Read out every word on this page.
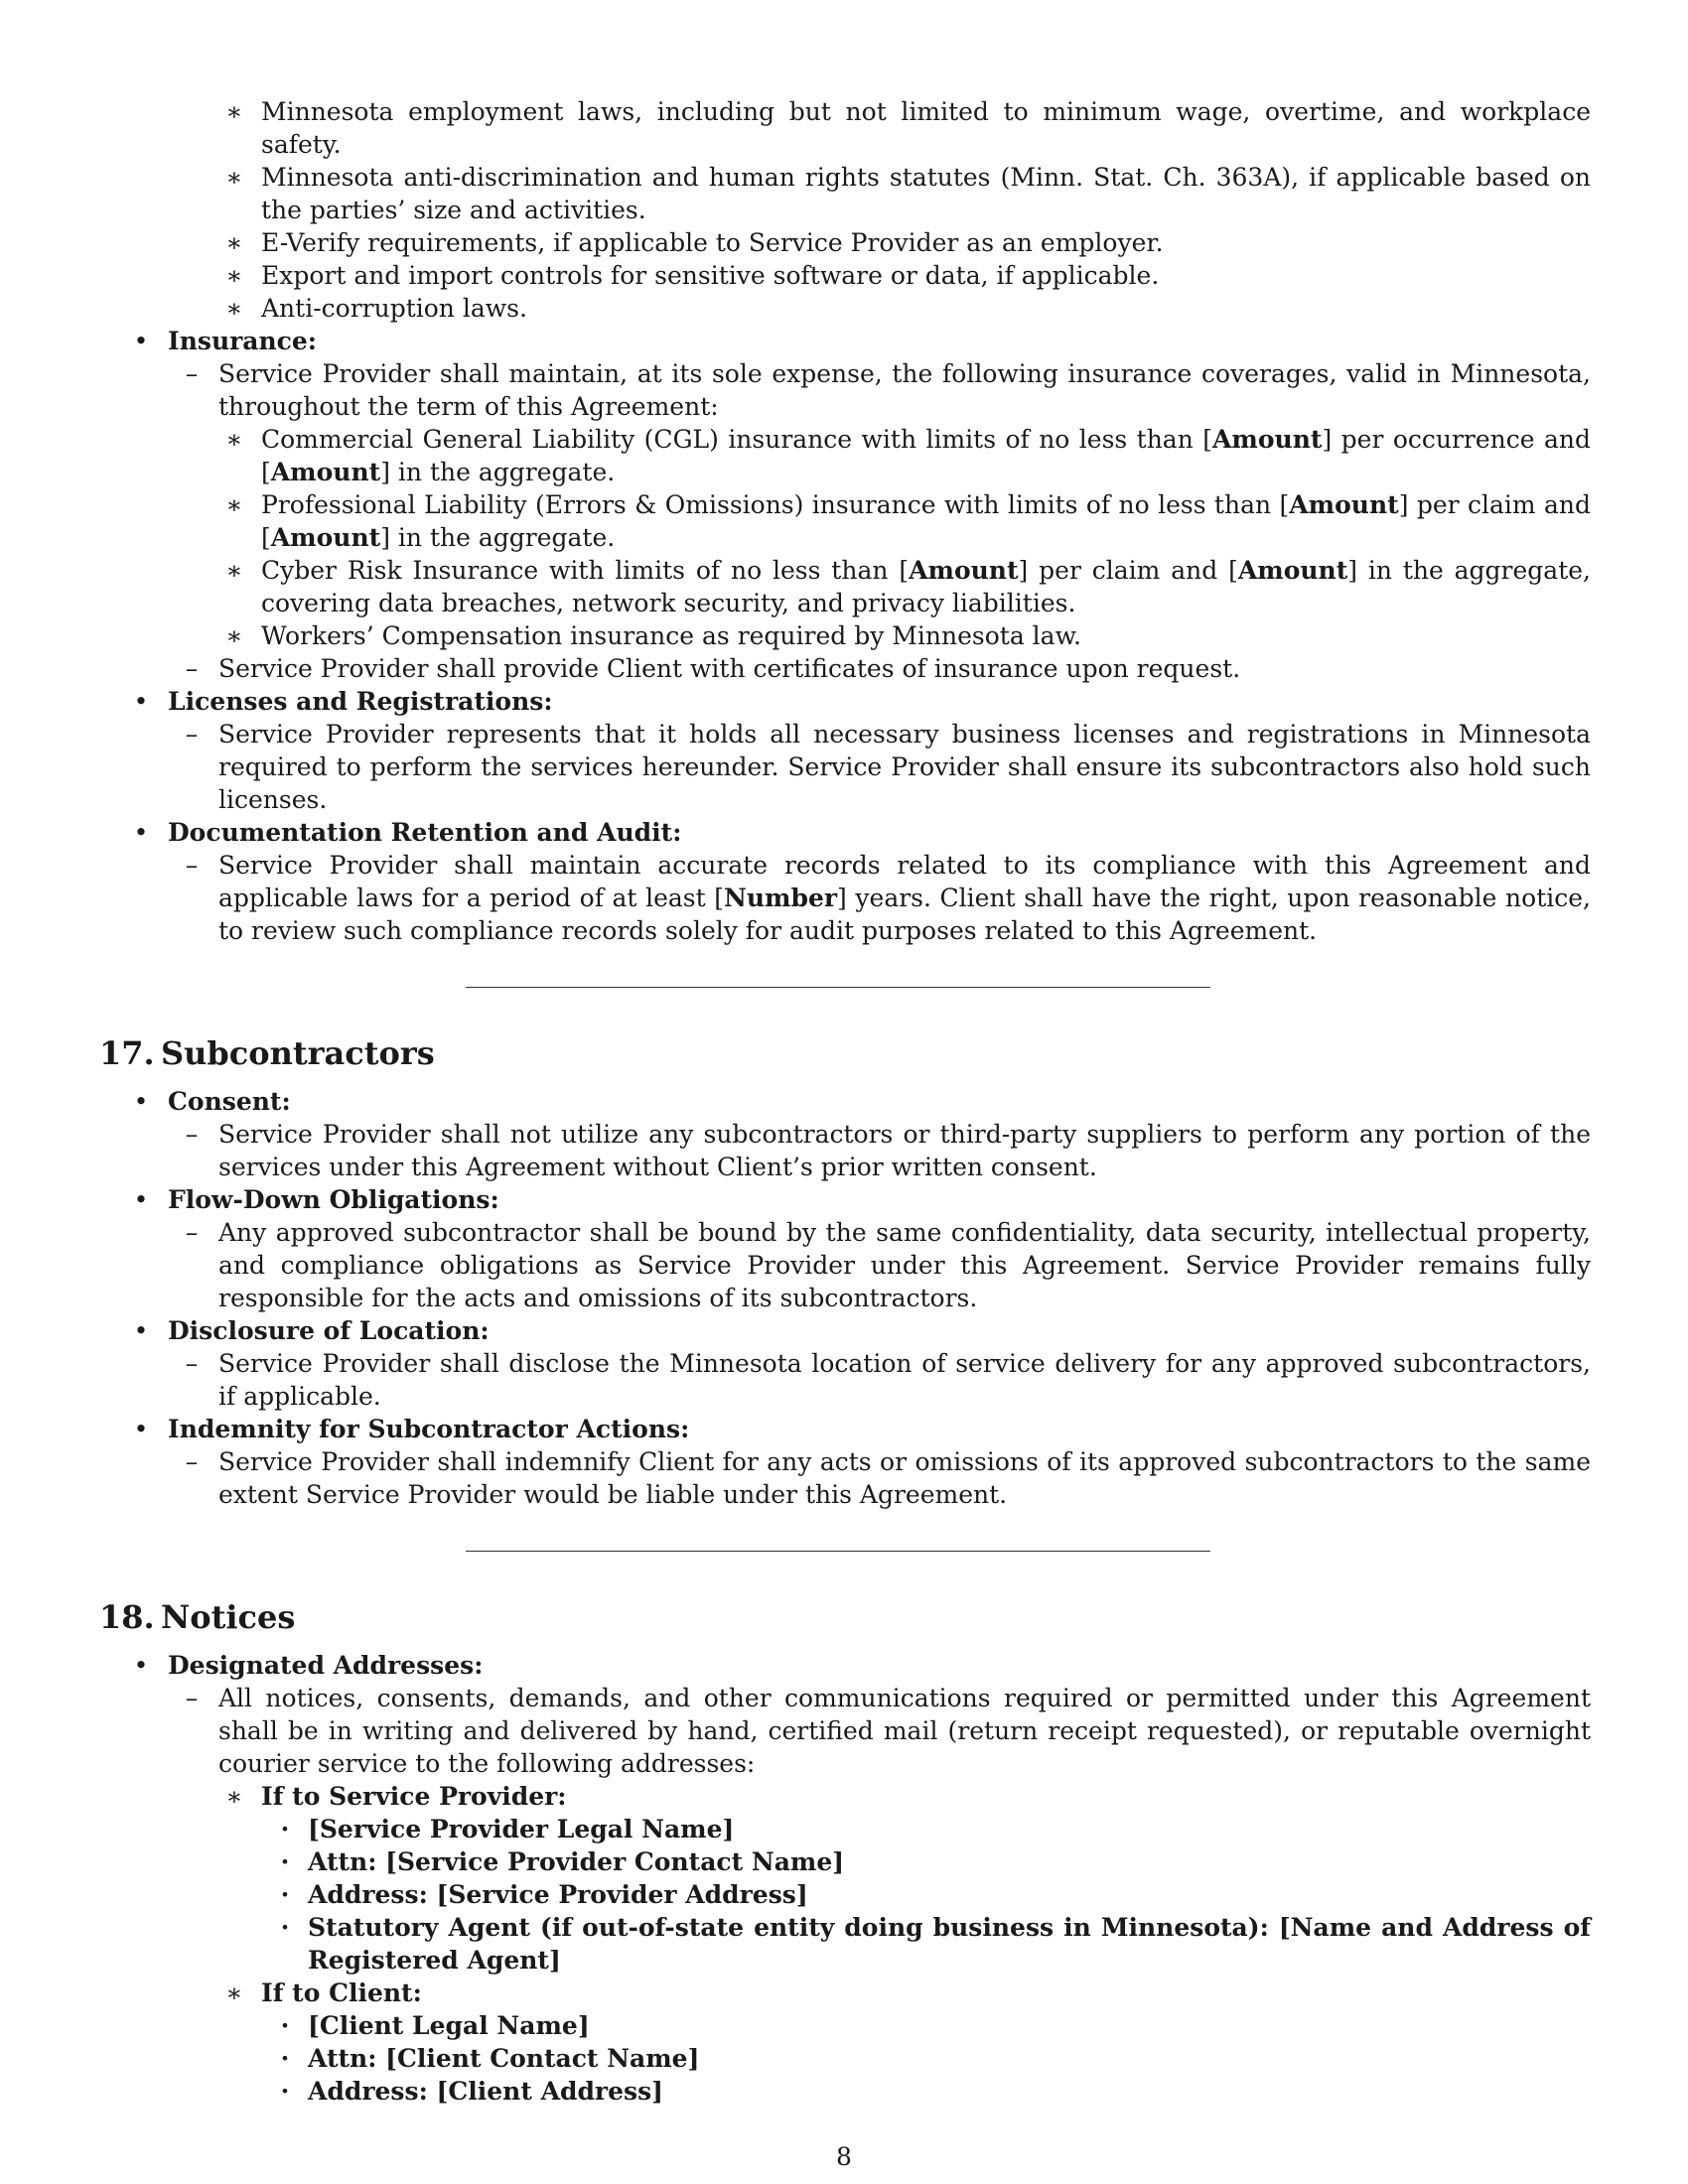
∗ Minnesota employment laws, including but not limited to minimum wage, overtime, and workplace safety.
∗ Minnesota anti-discrimination and human rights statutes (Minn. Stat. Ch. 363A), if applicable based on the parties’ size and activities.
∗ E-Verify requirements, if applicable to Service Provider as an employer.
∗ Export and import controls for sensitive software or data, if applicable.
∗ Anti-corruption laws.
• Insurance:
– Service Provider shall maintain, at its sole expense, the following insurance coverages, valid in Minnesota, throughout the term of this Agreement:
∗ Commercial General Liability (CGL) insurance with limits of no less than [Amount] per occurrence and [Amount] in the aggregate.
∗ Professional Liability (Errors & Omissions) insurance with limits of no less than [Amount] per claim and [Amount] in the aggregate.
∗ Cyber Risk Insurance with limits of no less than [Amount] per claim and [Amount] in the aggregate, covering data breaches, network security, and privacy liabilities.
∗ Workers’ Compensation insurance as required by Minnesota law.
– Service Provider shall provide Client with certificates of insurance upon request.
• Licenses and Registrations:
– Service Provider represents that it holds all necessary business licenses and registrations in Minnesota required to perform the services hereunder. Service Provider shall ensure its subcontractors also hold such licenses.
• Documentation Retention and Audit:
– Service Provider shall maintain accurate records related to its compliance with this Agreement and applicable laws for a period of at least [Number] years. Client shall have the right, upon reasonable notice, to review such compliance records solely for audit purposes related to this Agreement.
17. Subcontractors
• Consent:
– Service Provider shall not utilize any subcontractors or third-party suppliers to perform any portion of the services under this Agreement without Client’s prior written consent.
• Flow-Down Obligations:
– Any approved subcontractor shall be bound by the same confidentiality, data security, intellectual property, and compliance obligations as Service Provider under this Agreement. Service Provider remains fully responsible for the acts and omissions of its subcontractors.
• Disclosure of Location:
– Service Provider shall disclose the Minnesota location of service delivery for any approved subcontractors, if applicable.
• Indemnity for Subcontractor Actions:
– Service Provider shall indemnify Client for any acts or omissions of its approved subcontractors to the same extent Service Provider would be liable under this Agreement.
18. Notices
• Designated Addresses:
– All notices, consents, demands, and other communications required or permitted under this Agreement shall be in writing and delivered by hand, certified mail (return receipt requested), or reputable overnight courier service to the following addresses:
∗ If to Service Provider:
· [Service Provider Legal Name]
· Attn: [Service Provider Contact Name]
· Address: [Service Provider Address]
· Statutory Agent (if out-of-state entity doing business in Minnesota): [Name and Address of Registered Agent]
∗ If to Client:
· [Client Legal Name]
· Attn: [Client Contact Name]
· Address: [Client Address]
8
